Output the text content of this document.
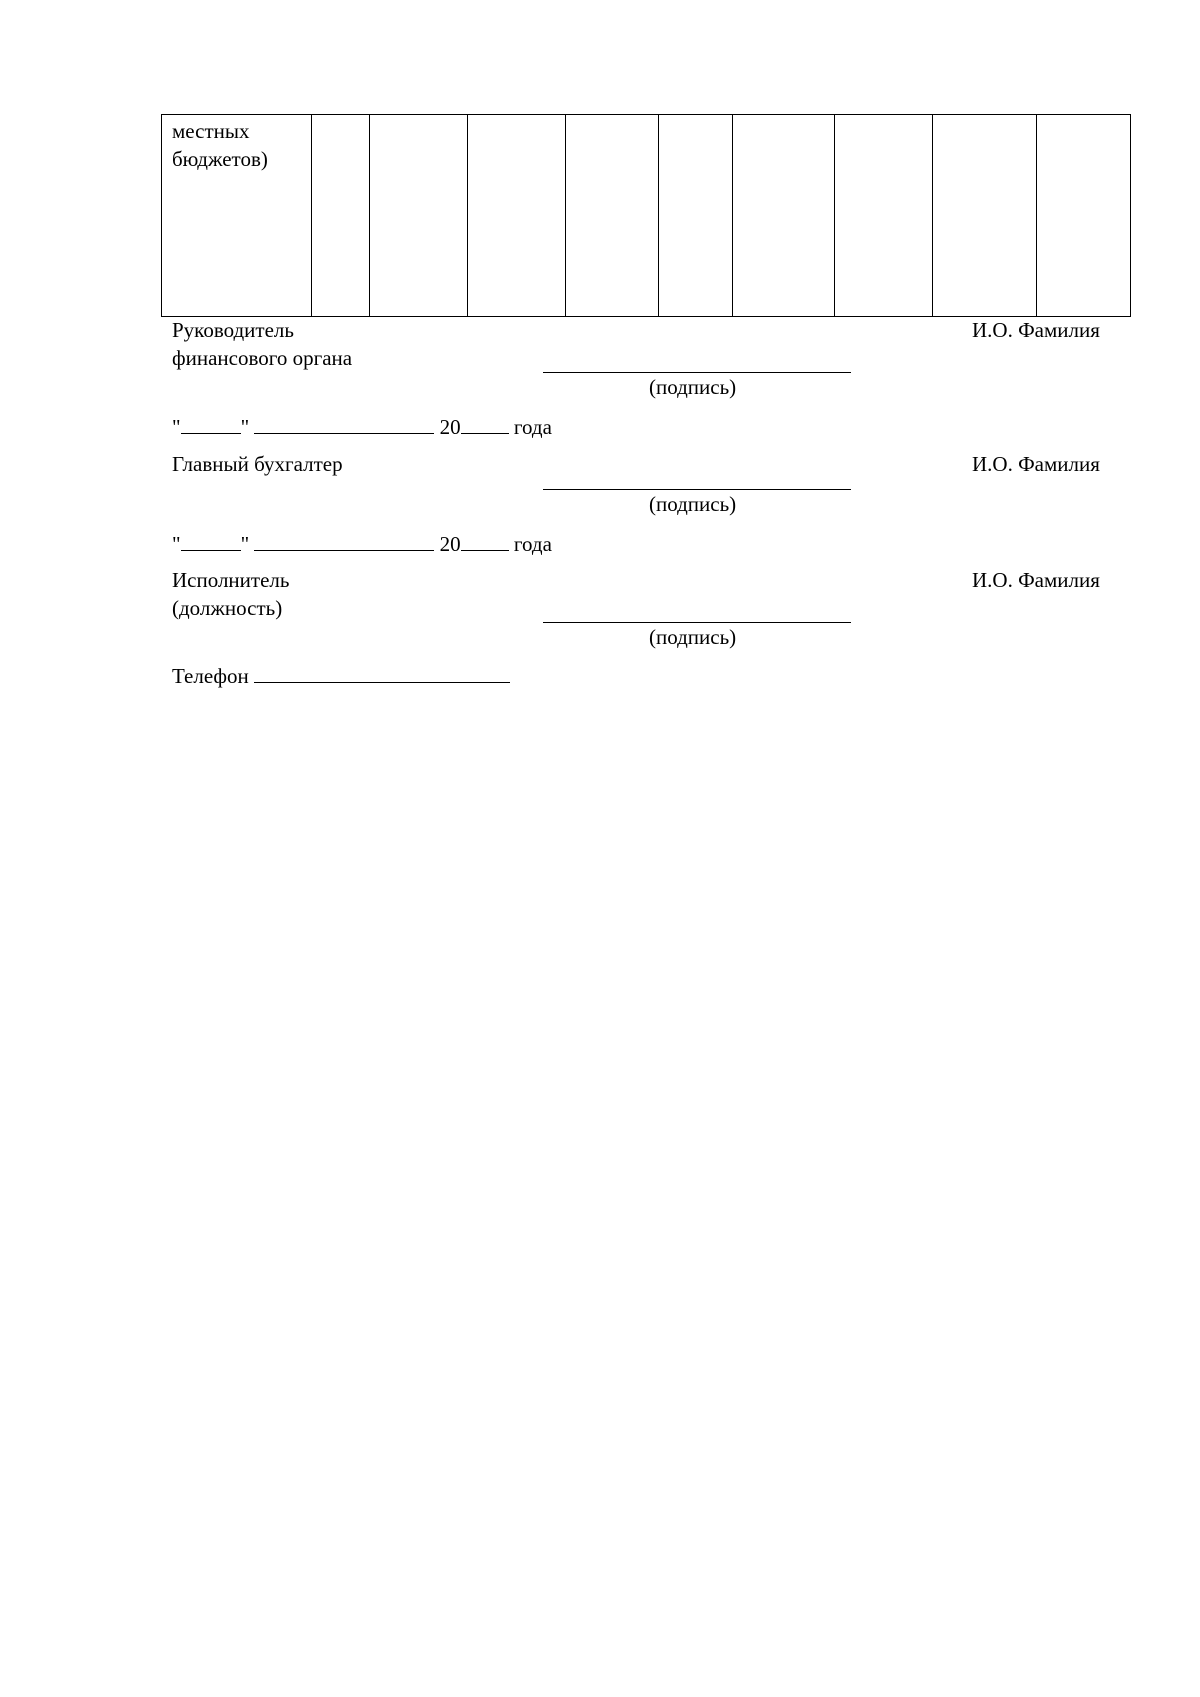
местных
бюджетов)

Руководитель
финансового органа
И.О. Фамилия
(подпись)
"	"	20	года
Главный бухгалтер	И.О. Фамилия
(подпись)
"	"	20	года
Исполнитель
(должность)
И.О. Фамилия
(подпись)
Телефон
